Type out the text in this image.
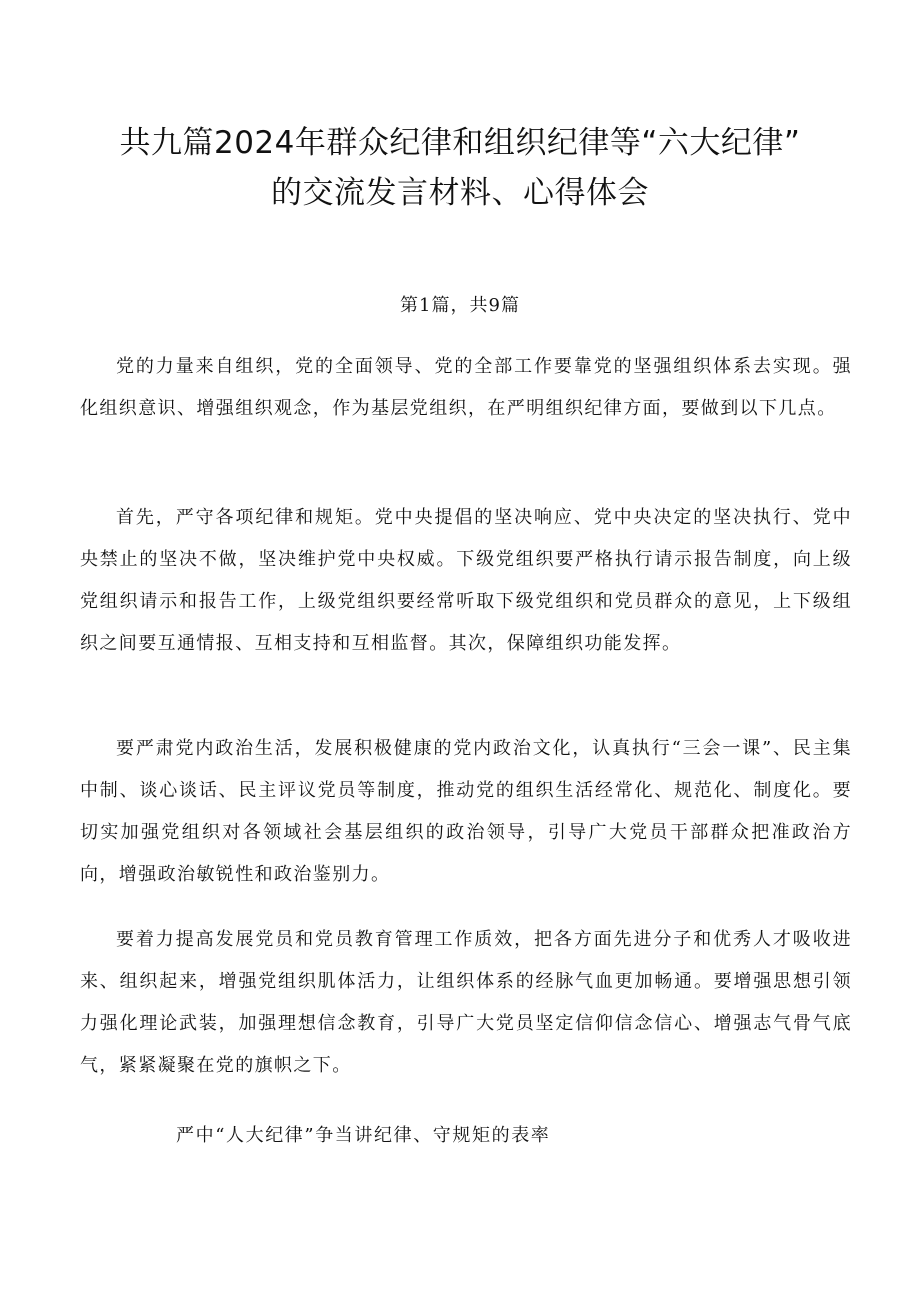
共九篇2024年群众纪律和组织纪律等“六大纪律”
的交流发言材料、心得体会
第1篇，共9篇

党的力量来自组织，党的全面领导、党的全部工作要靠党的坚强组织体系去实现。强化组织意识、增强组织观念，作为基层党组织，在严明组织纪律方面，要做到以下几点。

首先，严守各项纪律和规矩。党中央提倡的坚决响应、党中央决定的坚决执行、党中央禁止的坚决不做，坚决维护党中央权威。下级党组织要严格执行请示报告制度，向上级党组织请示和报告工作，上级党组织要经常听取下级党组织和党员群众的意见，上下级组织之间要互通情报、互相支持和互相监督。其次，保障组织功能发挥。

要严肃党内政治生活，发展积极健康的党内政治文化，认真执行“三会一课”、民主集中制、谈心谈话、民主评议党员等制度，推动党的组织生活经常化、规范化、制度化。要切实加强党组织对各领域社会基层组织的政治领导，引导广大党员干部群众把准政治方向，增强政治敏锐性和政治鉴别力。

要着力提高发展党员和党员教育管理工作质效，把各方面先进分子和优秀人才吸收进来、组织起来，增强党组织肌体活力，让组织体系的经脉气血更加畅通。要增强思想引领力强化理论武装，加强理想信念教育，引导广大党员坚定信仰信念信心、增强志气骨气底气，紧紧凝聚在党的旗帜之下。

严中“人大纪律”争当讲纪律、守规矩的表率
